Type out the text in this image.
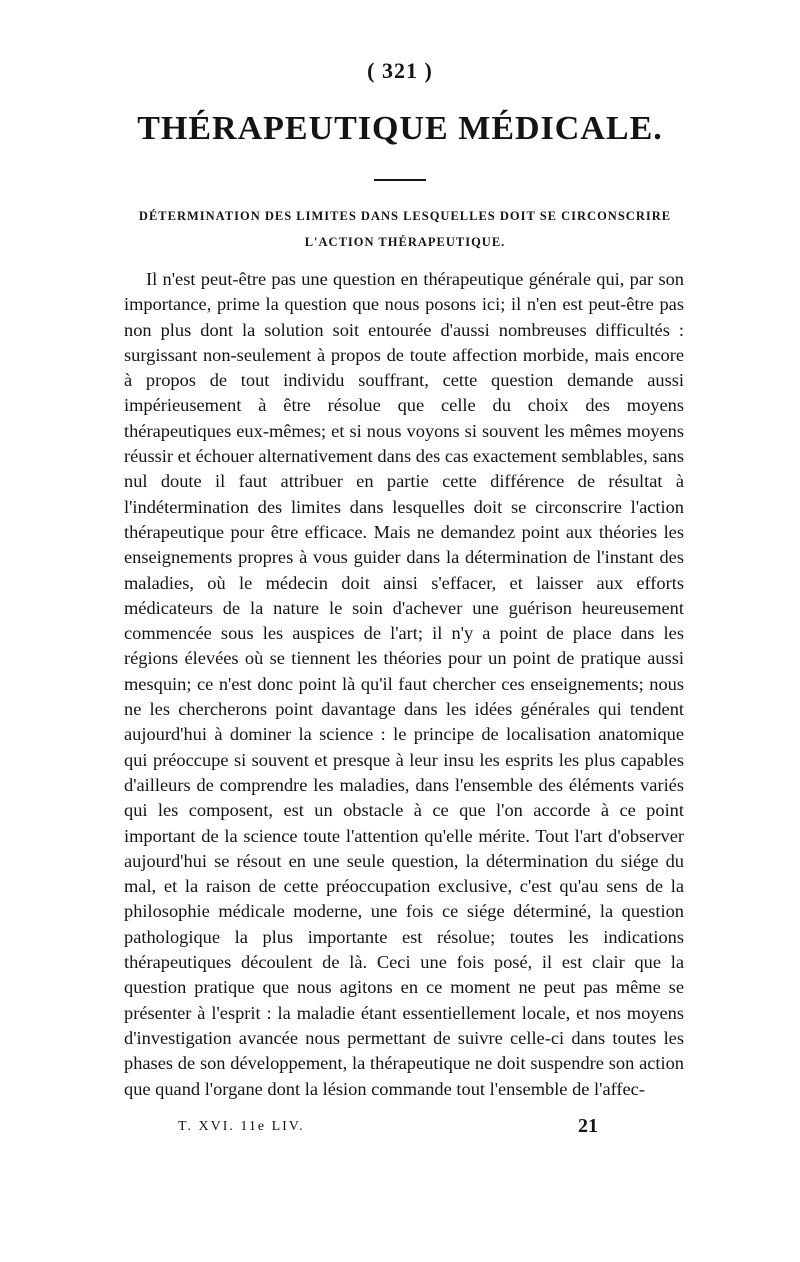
( 321 )
THÉRAPEUTIQUE MÉDICALE.
DÉTERMINATION DES LIMITES DANS LESQUELLES DOIT SE CIRCONSCRIRE L'ACTION THÉRAPEUTIQUE.

Il n'est peut-être pas une question en thérapeutique générale qui, par son importance, prime la question que nous posons ici; il n'en est peut-être pas non plus dont la solution soit entourée d'aussi nombreuses difficultés : surgissant non-seulement à propos de toute affection morbide, mais encore à propos de tout individu souffrant, cette question demande aussi impérieusement à être résolue que celle du choix des moyens thérapeutiques eux-mêmes; et si nous voyons si souvent les mêmes moyens réussir et échouer alternativement dans des cas exactement semblables, sans nul doute il faut attribuer en partie cette différence de résultat à l'indétermination des limites dans lesquelles doit se circonscrire l'action thérapeutique pour être efficace. Mais ne demandez point aux théories les enseignements propres à vous guider dans la détermination de l'instant des maladies, où le médecin doit ainsi s'effacer, et laisser aux efforts médicateurs de la nature le soin d'achever une guérison heureusement commencée sous les auspices de l'art; il n'y a point de place dans les régions élevées où se tiennent les théories pour un point de pratique aussi mesquin; ce n'est donc point là qu'il faut chercher ces enseignements; nous ne les chercherons point davantage dans les idées générales qui tendent aujourd'hui à dominer la science : le principe de localisation anatomique qui préoccupe si souvent et presque à leur insu les esprits les plus capables d'ailleurs de comprendre les maladies, dans l'ensemble des éléments variés qui les composent, est un obstacle à ce que l'on accorde à ce point important de la science toute l'attention qu'elle mérite. Tout l'art d'observer aujourd'hui se résout en une seule question, la détermination du siége du mal, et la raison de cette préoccupation exclusive, c'est qu'au sens de la philosophie médicale moderne, une fois ce siége déterminé, la question pathologique la plus importante est résolue; toutes les indications thérapeutiques découlent de là. Ceci une fois posé, il est clair que la question pratique que nous agitons en ce moment ne peut pas même se présenter à l'esprit : la maladie étant essentiellement locale, et nos moyens d'investigation avancée nous permettant de suivre celle-ci dans toutes les phases de son développement, la thérapeutique ne doit suspendre son action que quand l'organe dont la lésion commande tout l'ensemble de l'affec-

T. XVI. 11e LIV.	21
